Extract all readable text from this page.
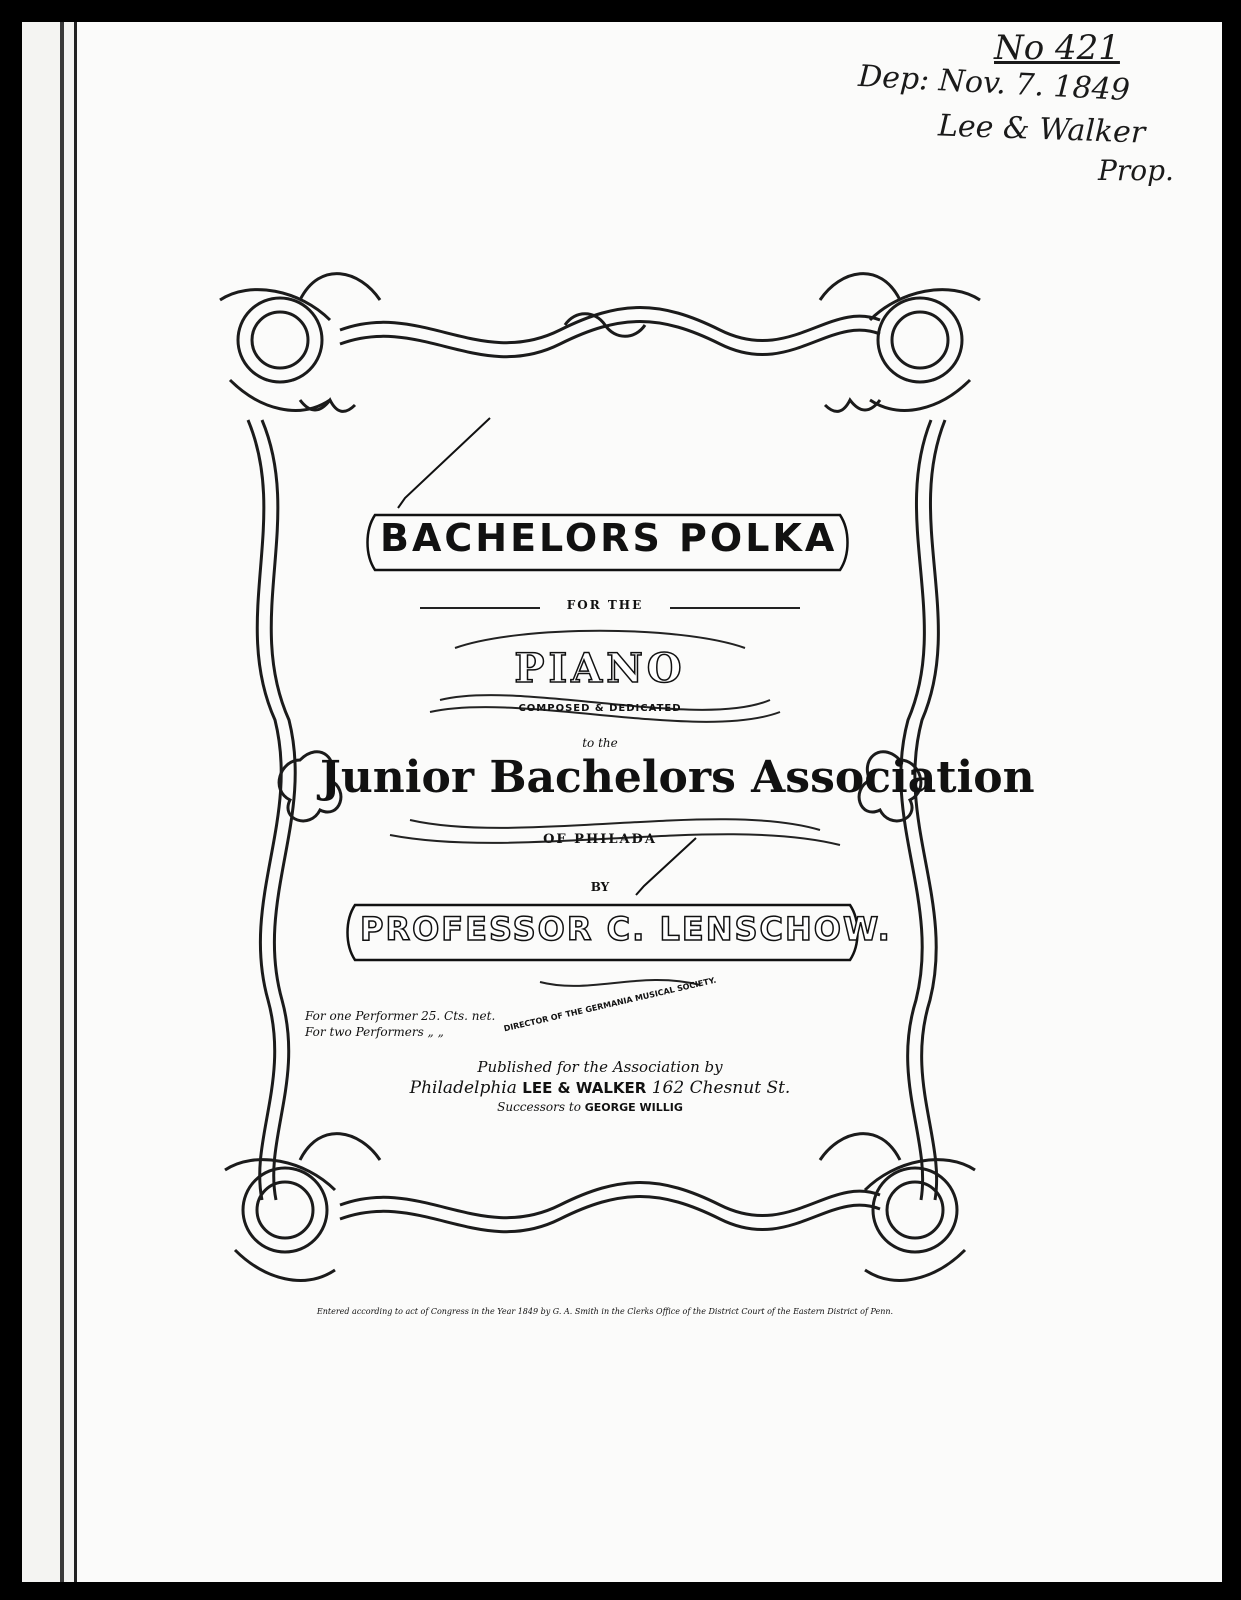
No 421
Dep: Nov. 7. 1849
Lee & Walker
Prop.
BACHELORS POLKA
FOR THE
PIANO
COMPOSED & DEDICATED
to the
Junior Bachelors Association
OF PHILADA
BY
PROFESSOR C. LENSCHOW.
DIRECTOR OF THE GERMANIA MUSICAL SOCIETY.
For one Performer 25. Cts. net.
For two Performers „ „
Published for the Association by
Philadelphia LEE & WALKER 162 Chesnut St.
Successors to GEORGE WILLIG
Entered according to act of Congress in the Year 1849 by G. A. Smith in the Clerks Office of the District Court of the Eastern District of Penn.
